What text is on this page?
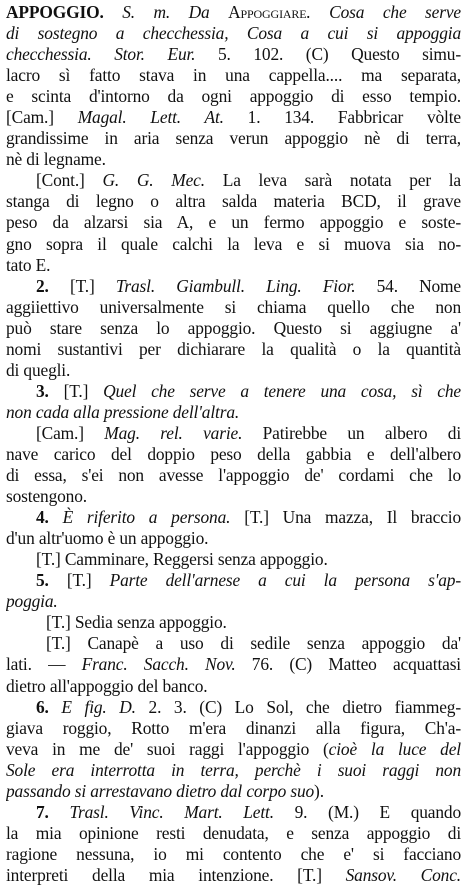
APPOGGIO. S. m. Da Appoggiare. Cosa che serve
di sostegno a checchessia, Cosa a cui si appoggia
checchessia. Stor. Eur. 5. 102. (C) Questo simu-
lacro sì fatto stava in una cappella.... ma separata,
e scinta d'intorno da ogni appoggio di esso tempio.
[Cam.] Magal. Lett. At. 1. 134. Fabbricar vòlte
grandissime in aria senza verun appoggio nè di terra,
nè di legname.
[Cont.] G. G. Mec. La leva sarà notata per la
stanga di legno o altra salda materia BCD, il grave
peso da alzarsi sia A, e un fermo appoggio e soste-
gno sopra il quale calchi la leva e si muova sia no-
tato E.
2. [T.] Trasl. Giambull. Ling. Fior. 54. Nome
aggiiettivo universalmente si chiama quello che non
può stare senza lo appoggio. Questo si aggiugne a'
nomi sustantivi per dichiarare la qualità o la quantità
di quegli.
3. [T.] Quel che serve a tenere una cosa, sì che
non cada alla pressione dell'altra.
[Cam.] Mag. rel. varie. Patirebbe un albero di
nave carico del doppio peso della gabbia e dell'albero
di essa, s'ei non avesse l'appoggio de' cordami che lo
sostengono.
4. È riferito a persona. [T.] Una mazza, Il braccio
d'un altr'uomo è un appoggio.
[T.] Camminare, Reggersi senza appoggio.
5. [T.] Parte dell'arnese a cui la persona s'ap-
poggia.
[T.] Sedia senza appoggio.
[T.] Canapè a uso di sedile senza appoggio da'
lati. — Franc. Sacch. Nov. 76. (C) Matteo acquattasi
dietro all'appoggio del banco.
6. E fig. D. 2. 3. (C) Lo Sol, che dietro fiammeg-
giava roggio, Rotto m'era dinanzi alla figura, Ch'a-
veva in me de' suoi raggi l'appoggio (cioè la luce del
Sole era interrotta in terra, perchè i suoi raggi non
passando si arrestavano dietro dal corpo suo).
7. Trasl. Vinc. Mart. Lett. 9. (M.) E quando
la mia opinione resti denudata, e senza appoggio di
ragione nessuna, io mi contento che e' si facciano
interpreti della mia intenzione. [T.] Sansov. Conc.
